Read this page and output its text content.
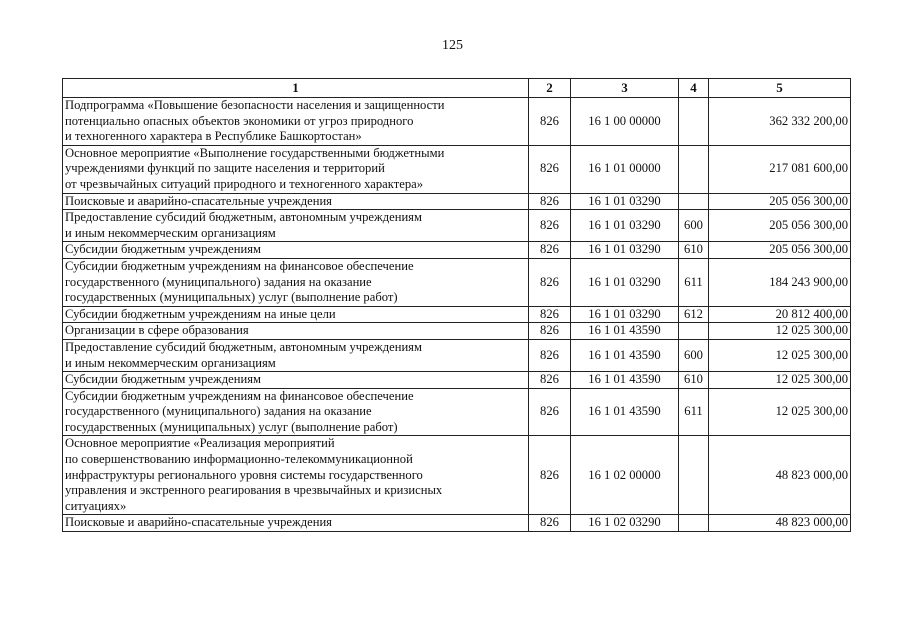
125
1	2	3	4	5
Подпрограмма «Повышение безопасности населения и защищенности
потенциально опасных объектов экономики от угроз природного
и техногенного характера в Республике Башкортостан»	826	16 1 00 00000		362 332 200,00
Основное мероприятие «Выполнение государственными бюджетными
учреждениями функций по защите населения и территорий
от чрезвычайных ситуаций природного и техногенного характера»	826	16 1 01 00000		217 081 600,00
Поисковые и аварийно-спасательные учреждения	826	16 1 01 03290		205 056 300,00
Предоставление субсидий бюджетным, автономным учреждениям
и иным некоммерческим организациям	826	16 1 01 03290	600	205 056 300,00
Субсидии бюджетным учреждениям	826	16 1 01 03290	610	205 056 300,00
Субсидии бюджетным учреждениям на финансовое обеспечение
государственного (муниципального) задания на оказание
государственных (муниципальных) услуг (выполнение работ)	826	16 1 01 03290	611	184 243 900,00
Субсидии бюджетным учреждениям на иные цели	826	16 1 01 03290	612	20 812 400,00
Организации в сфере образования	826	16 1 01 43590		12 025 300,00
Предоставление субсидий бюджетным, автономным учреждениям
и иным некоммерческим организациям	826	16 1 01 43590	600	12 025 300,00
Субсидии бюджетным учреждениям	826	16 1 01 43590	610	12 025 300,00
Субсидии бюджетным учреждениям на финансовое обеспечение
государственного (муниципального) задания на оказание
государственных (муниципальных) услуг (выполнение работ)	826	16 1 01 43590	611	12 025 300,00
Основное мероприятие «Реализация мероприятий
по совершенствованию информационно-телекоммуникационной
инфраструктуры регионального уровня системы государственного
управления и экстренного реагирования в чрезвычайных и кризисных
ситуациях»	826	16 1 02 00000		48 823 000,00
Поисковые и аварийно-спасательные учреждения	826	16 1 02 03290		48 823 000,00
